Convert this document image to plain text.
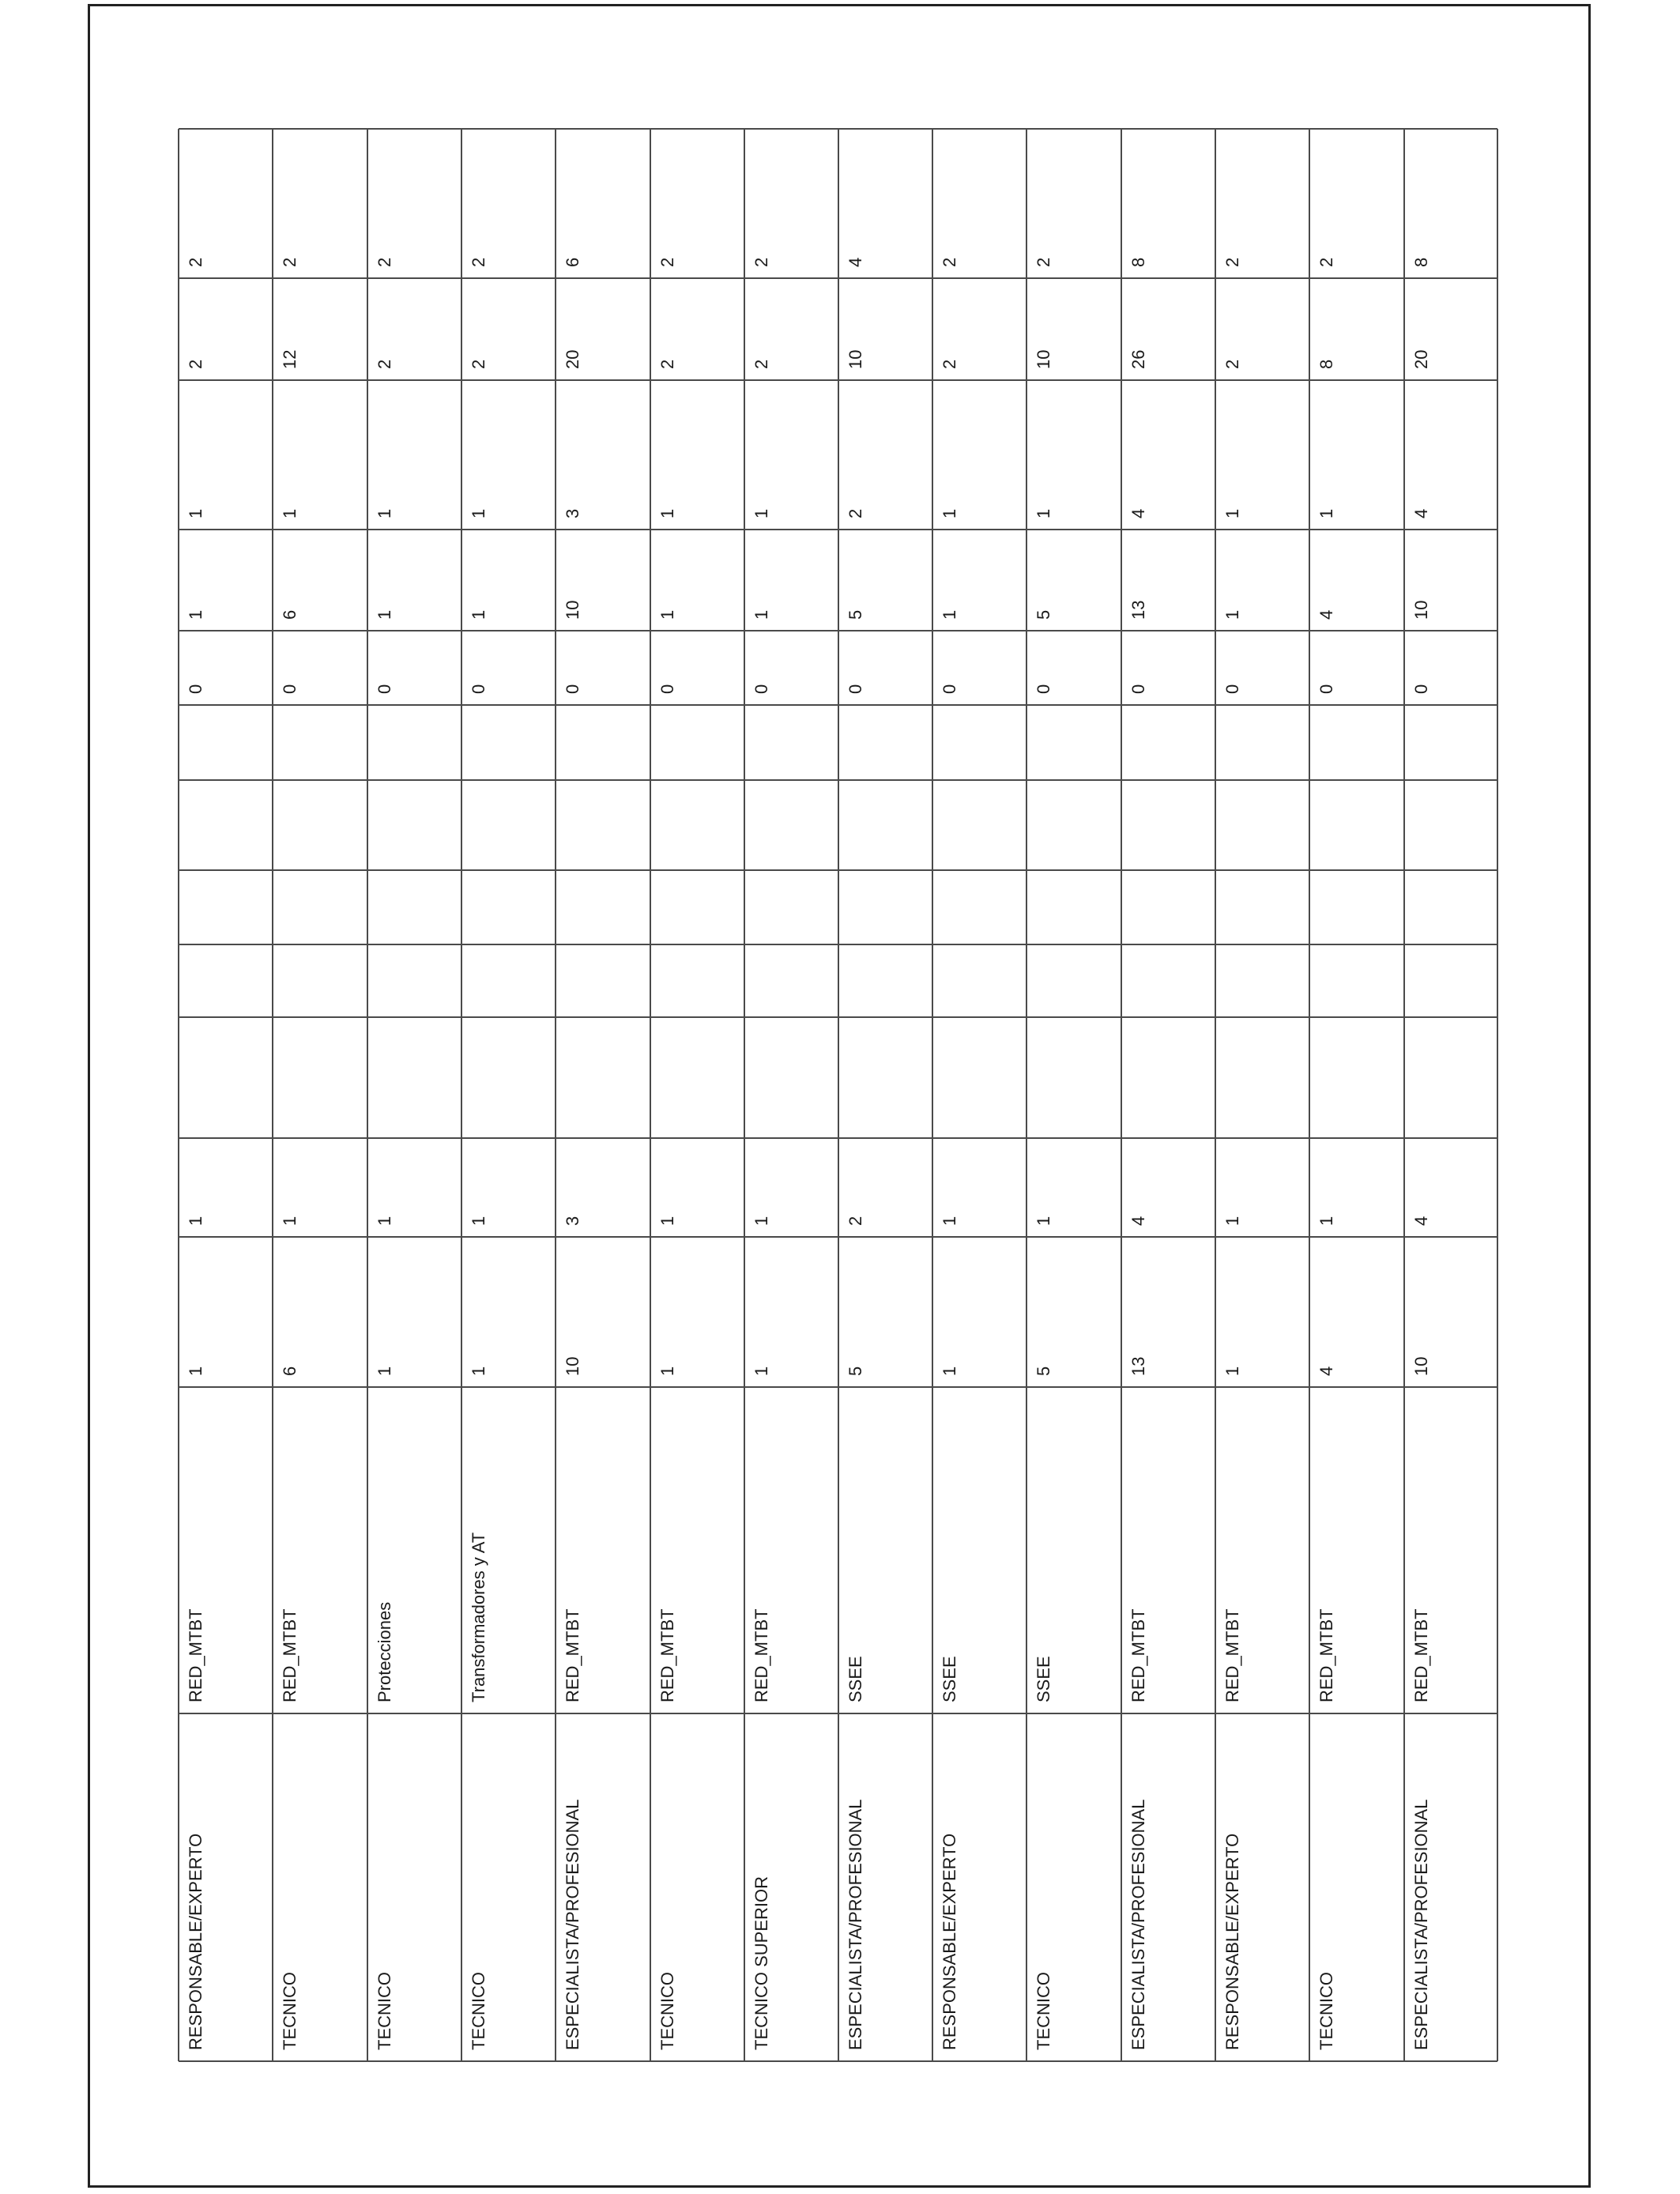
2
2
1
1
0
1
1
RED_MTBT
RESPONSABLE/EXPERTO
2
12
1
6
0
1
6
RED_MTBT
TECNICO
2
2
1
1
0
1
1
Protecciones
TECNICO
2
2
1
1
0
1
1
Transformadores y AT
TECNICO
6
20
3
10
0
3
10
RED_MTBT
ESPECIALISTA/PROFESIONAL
2
2
1
1
0
1
1
RED_MTBT
TECNICO
2
2
1
1
0
1
1
RED_MTBT
TECNICO SUPERIOR
4
10
2
5
0
2
5
SSEE
ESPECIALISTA/PROFESIONAL
2
2
1
1
0
1
1
SSEE
RESPONSABLE/EXPERTO
2
10
1
5
0
1
5
SSEE
TECNICO
8
26
4
13
0
4
13
RED_MTBT
ESPECIALISTA/PROFESIONAL
2
2
1
1
0
1
1
RED_MTBT
RESPONSABLE/EXPERTO
2
8
1
4
0
1
4
RED_MTBT
TECNICO
8
20
4
10
0
4
10
RED_MTBT
ESPECIALISTA/PROFESIONAL
